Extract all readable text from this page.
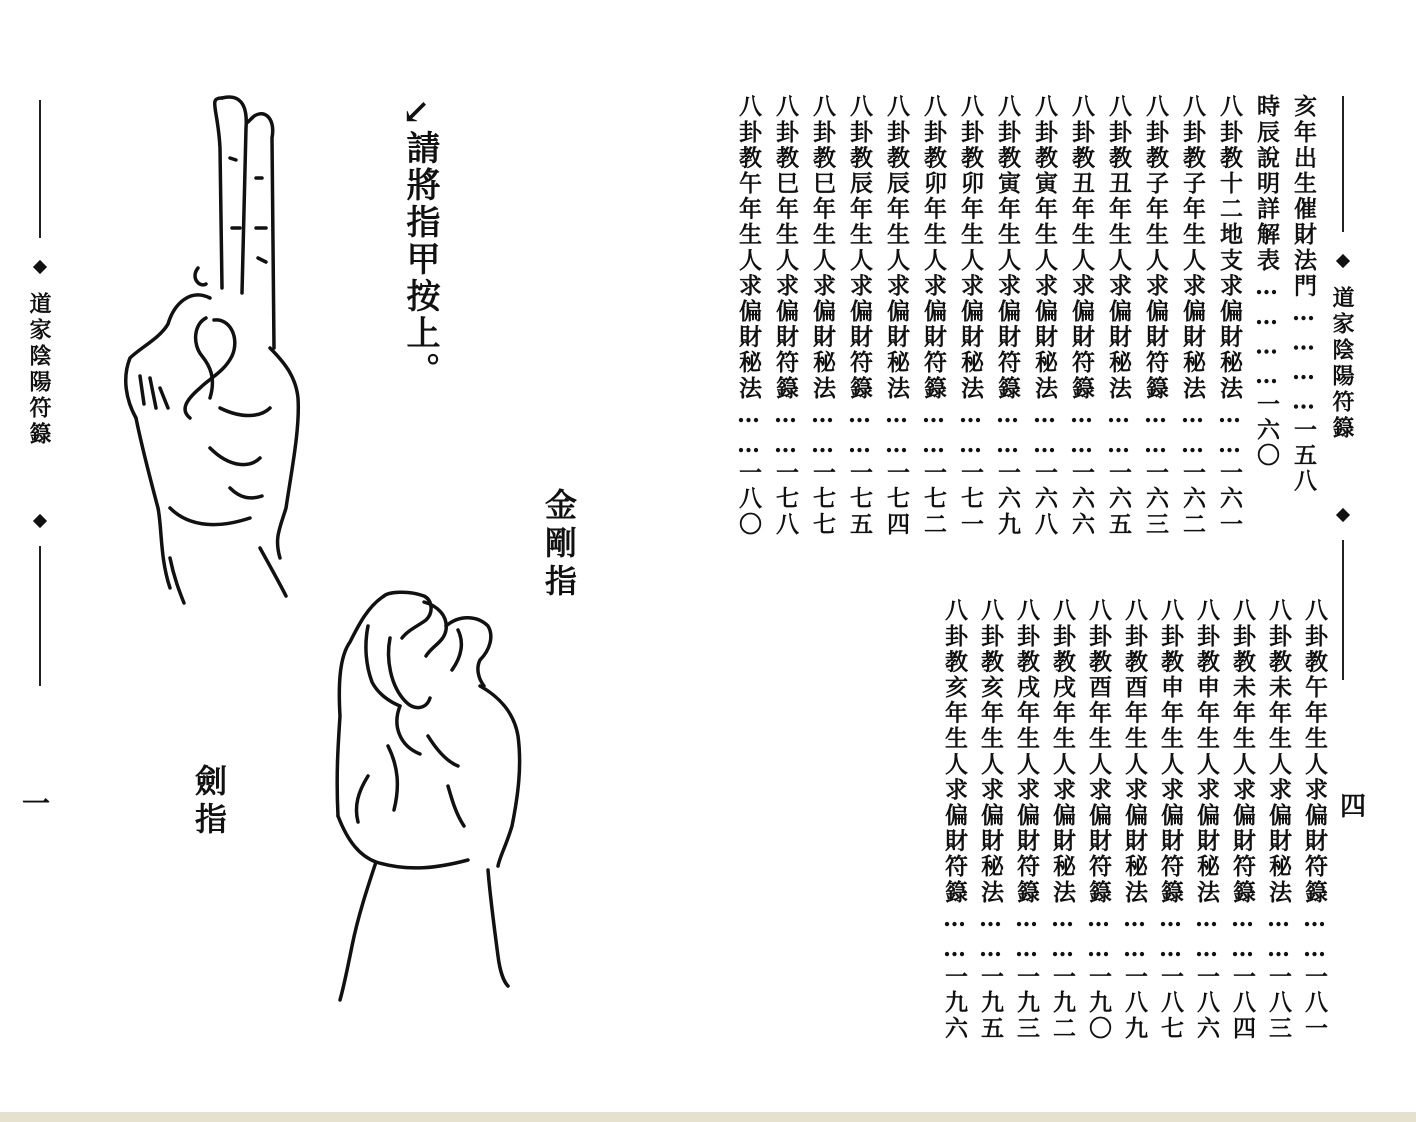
道家陰陽符籙
一
↙
請將指甲按上。
金剛指
劍指
道家陰陽符籙
四
亥年出生催財法門…………一五八
時辰說明詳解表…………一六〇
八卦教十二地支求偏財秘法……一六一
八卦教子年生人求偏財秘法……一六二
八卦教子年生人求偏財符籙……一六三
八卦教丑年生人求偏財秘法……一六五
八卦教丑年生人求偏財符籙……一六六
八卦教寅年生人求偏財秘法……一六八
八卦教寅年生人求偏財符籙……一六九
八卦教卯年生人求偏財秘法……一七一
八卦教卯年生人求偏財符籙……一七二
八卦教辰年生人求偏財秘法……一七四
八卦教辰年生人求偏財符籙……一七五
八卦教巳年生人求偏財秘法……一七七
八卦教巳年生人求偏財符籙……一七八
八卦教午年生人求偏財秘法……一八〇
八卦教午年生人求偏財符籙……一八一
八卦教未年生人求偏財秘法……一八三
八卦教未年生人求偏財符籙……一八四
八卦教申年生人求偏財秘法……一八六
八卦教申年生人求偏財符籙……一八七
八卦教酉年生人求偏財秘法……一八九
八卦教酉年生人求偏財符籙……一九〇
八卦教戌年生人求偏財秘法……一九二
八卦教戌年生人求偏財符籙……一九三
八卦教亥年生人求偏財秘法……一九五
八卦教亥年生人求偏財符籙……一九六
